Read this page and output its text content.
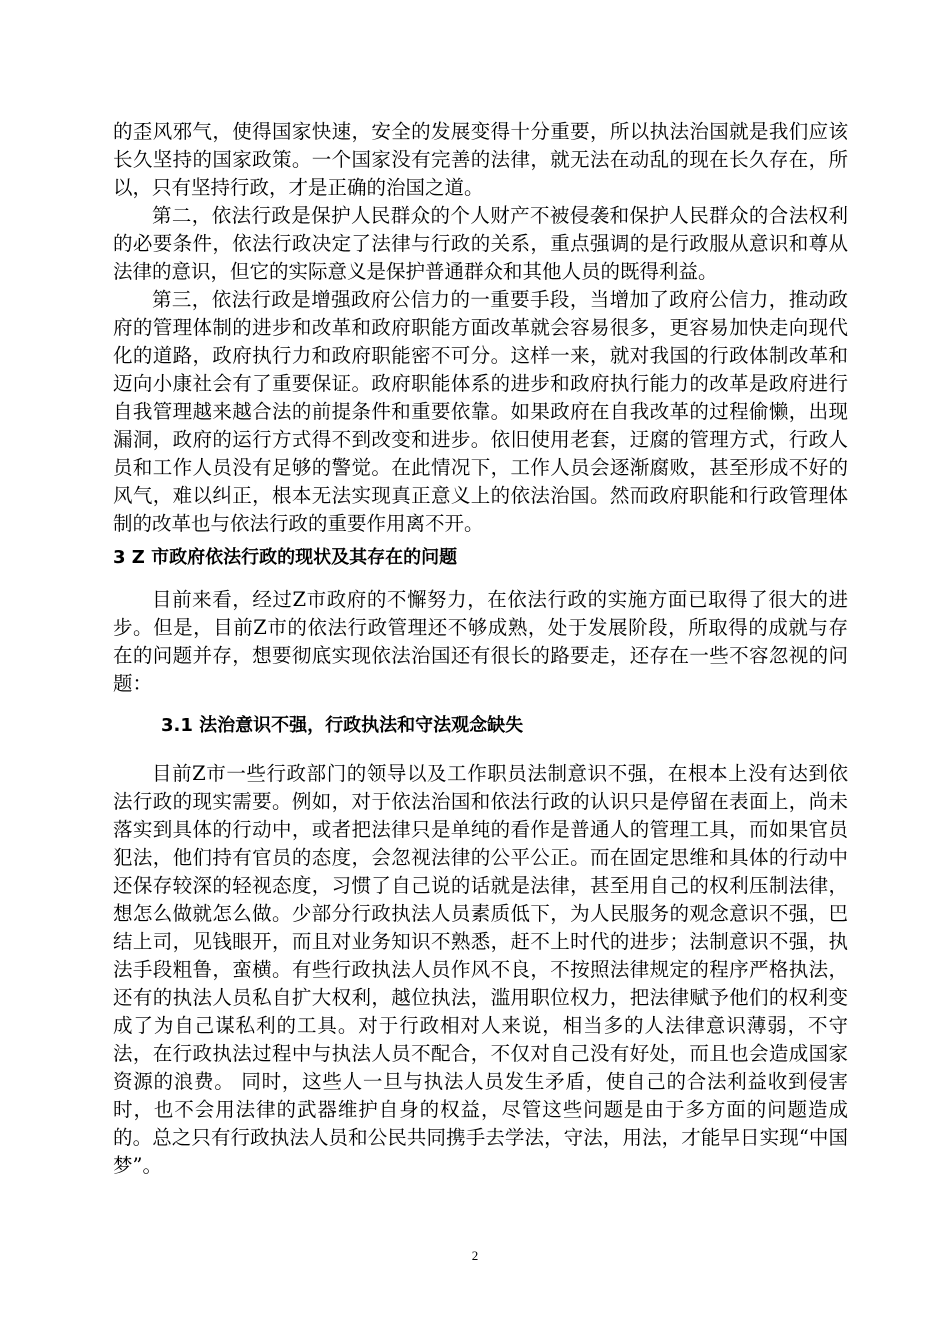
的歪风邪气，使得国家快速，安全的发展变得十分重要，所以执法治国就是我们应该长久坚持的国家政策。一个国家没有完善的法律，就无法在动乱的现在长久存在，所以，只有坚持行政，才是正确的治国之道。

第二，依法行政是保护人民群众的个人财产不被侵袭和保护人民群众的合法权利的必要条件，依法行政决定了法律与行政的关系，重点强调的是行政服从意识和尊从法律的意识，但它的实际意义是保护普通群众和其他人员的既得利益。

第三，依法行政是增强政府公信力的一重要手段，当增加了政府公信力，推动政府的管理体制的进步和改革和政府职能方面改革就会容易很多，更容易加快走向现代化的道路，政府执行力和政府职能密不可分。这样一来，就对我国的行政体制改革和迈向小康社会有了重要保证。政府职能体系的进步和政府执行能力的改革是政府进行自我管理越来越合法的前提条件和重要依靠。如果政府在自我改革的过程偷懒，出现漏洞，政府的运行方式得不到改变和进步。依旧使用老套，迂腐的管理方式，行政人员和工作人员没有足够的警觉。在此情况下，工作人员会逐渐腐败，甚至形成不好的风气，难以纠正，根本无法实现真正意义上的依法治国。然而政府职能和行政管理体制的改革也与依法行政的重要作用离不开。

3 Z 市政府依法行政的现状及其存在的问题

目前来看，经过Z市政府的不懈努力，在依法行政的实施方面已取得了很大的进步。但是，目前Z市的依法行政管理还不够成熟，处于发展阶段，所取得的成就与存在的问题并存，想要彻底实现依法治国还有很长的路要走，还存在一些不容忽视的问题：

3.1 法治意识不强，行政执法和守法观念缺失

目前Z市一些行政部门的领导以及工作职员法制意识不强，在根本上没有达到依法行政的现实需要。例如，对于依法治国和依法行政的认识只是停留在表面上，尚未落实到具体的行动中，或者把法律只是单纯的看作是普通人的管理工具，而如果官员犯法，他们持有官员的态度，会忽视法律的公平公正。而在固定思维和具体的行动中还保存较深的轻视态度，习惯了自己说的话就是法律，甚至用自己的权利压制法律，想怎么做就怎么做。少部分行政执法人员素质低下，为人民服务的观念意识不强，巴结上司，见钱眼开，而且对业务知识不熟悉，赶不上时代的进步；法制意识不强，执法手段粗鲁，蛮横。有些行政执法人员作风不良，不按照法律规定的程序严格执法，还有的执法人员私自扩大权利，越位执法，滥用职位权力，把法律赋予他们的权利变成了为自己谋私利的工具。对于行政相对人来说，相当多的人法律意识薄弱，不守法，在行政执法过程中与执法人员不配合，不仅对自己没有好处，而且也会造成国家资源的浪费。 同时，这些人一旦与执法人员发生矛盾，使自己的合法利益收到侵害时，也不会用法律的武器维护自身的权益，尽管这些问题是由于多方面的问题造成的。总之只有行政执法人员和公民共同携手去学法，守法，用法，才能早日实现“中国梦”。

2
